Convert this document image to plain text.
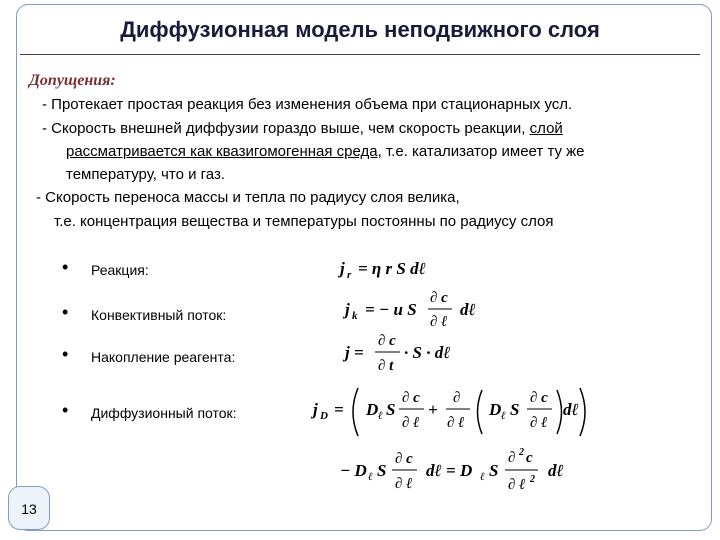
Диффузионная модель неподвижного слоя
Допущения:
- Протекает простая реакция без изменения объема при стационарных усл.
- Скорость внешней диффузии гораздо выше, чем скорость реакции, слой
рассматривается как квазигомогенная среда, т.е. катализатор имеет ту же
температуру, что и газ.
- Скорость переноса массы и тепла по радиусу слоя велика,
т.е. концентрация вещества и температуры постоянны по радиусу слоя
• Реакция:
• Конвективный поток:
• Накопление реагента:
• Диффузионный поток:
j r = η r S dℓ
j k = − u S
∂ c
∂ ℓ
dℓ
j =
∂ c
∂ t
· S · dℓ
j D = D ℓ S
∂ c
∂ ℓ
+
∂
∂ ℓ
D ℓ S
∂ c
∂ ℓ
dℓ
− D ℓ S
∂ c
∂ ℓ
dℓ = D ℓ S
∂ 2 c
∂ ℓ 2 dℓ
13
